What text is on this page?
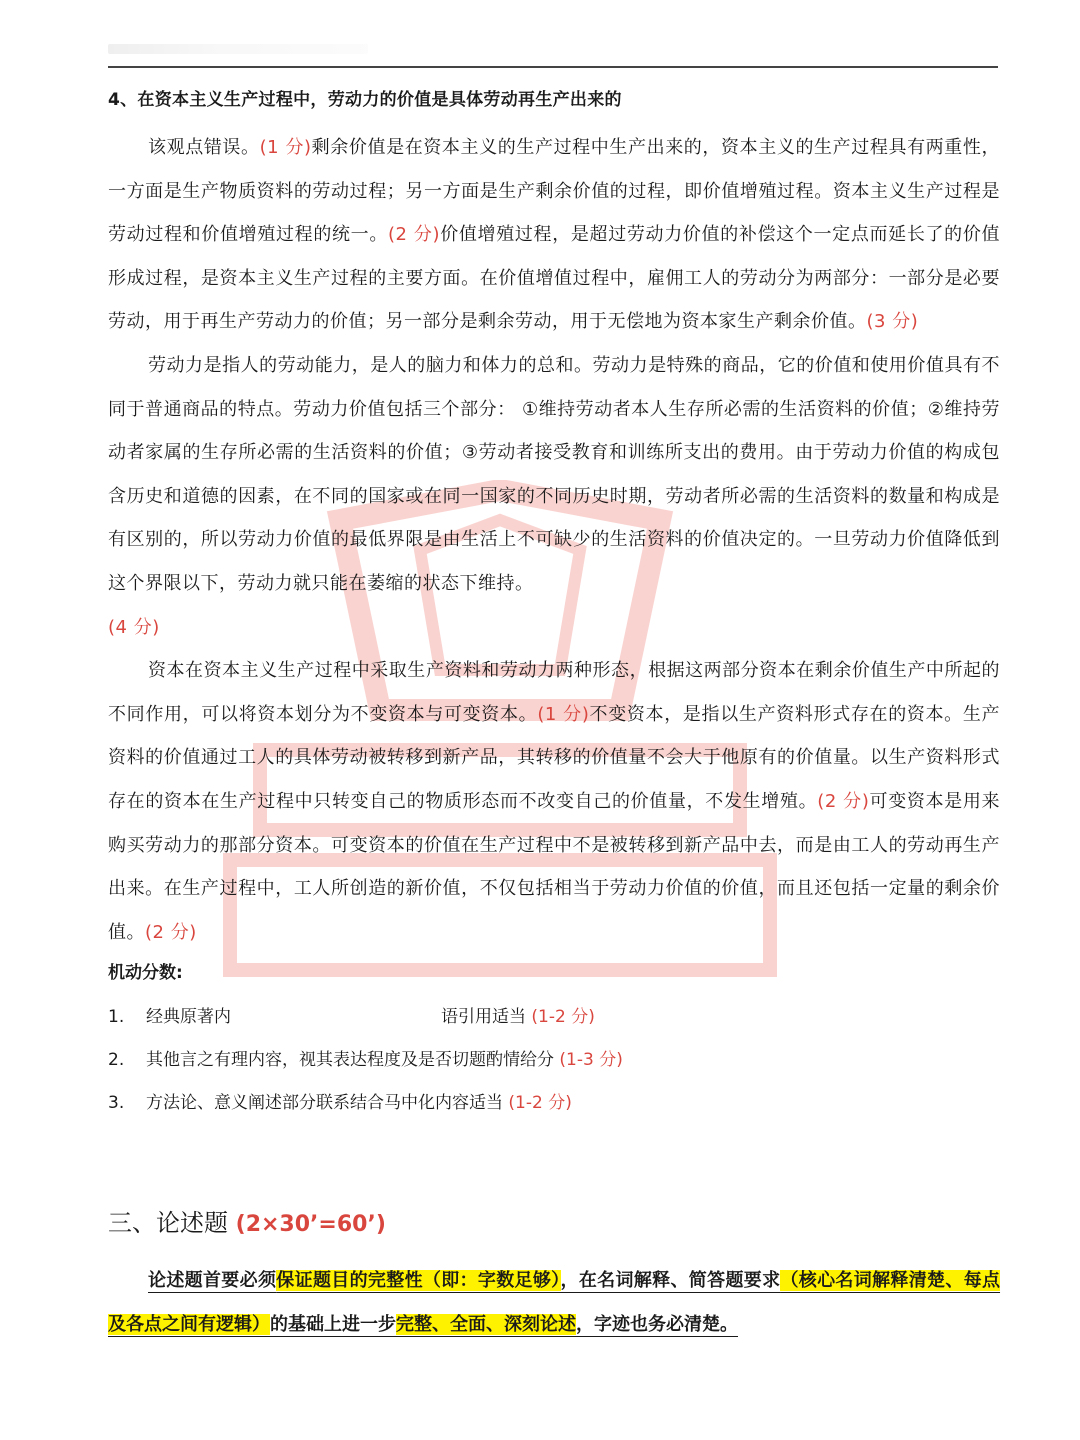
4、在资本主义生产过程中，劳动力的价值是具体劳动再生产出来的

该观点错误。(1 分)剩余价值是在资本主义的生产过程中生产出来的，资本主义的生产过程具有两重性，一方面是生产物质资料的劳动过程；另一方面是生产剩余价值的过程，即价值增殖过程。资本主义生产过程是劳动过程和价值增殖过程的统一。(2 分)价值增殖过程，是超过劳动力价值的补偿这个一定点而延长了的价值形成过程，是资本主义生产过程的主要方面。在价值增值过程中，雇佣工人的劳动分为两部分：一部分是必要劳动，用于再生产劳动力的价值；另一部分是剩余劳动，用于无偿地为资本家生产剩余价值。(3 分)

劳动力是指人的劳动能力，是人的脑力和体力的总和。劳动力是特殊的商品，它的价值和使用价值具有不同于普通商品的特点。劳动力价值包括三个部分： ①维持劳动者本人生存所必需的生活资料的价值；②维持劳动者家属的生存所必需的生活资料的价值；③劳动者接受教育和训练所支出的费用。由于劳动力价值的构成包含历史和道德的因素，在不同的国家或在同一国家的不同历史时期，劳动者所必需的生活资料的数量和构成是有区别的，所以劳动力价值的最低界限是由生活上不可缺少的生活资料的价值决定的。一旦劳动力价值降低到这个界限以下，劳动力就只能在萎缩的状态下维持。
(4 分)

资本在资本主义生产过程中采取生产资料和劳动力两种形态，根据这两部分资本在剩余价值生产中所起的不同作用，可以将资本划分为不变资本与可变资本。(1 分)不变资本，是指以生产资料形式存在的资本。生产资料的价值通过工人的具体劳动被转移到新产品，其转移的价值量不会大于他原有的价值量。以生产资料形式存在的资本在生产过程中只转变自己的物质形态而不改变自己的价值量，不发生增殖。(2 分)可变资本是用来购买劳动力的那部分资本。可变资本的价值在生产过程中不是被转移到新产品中去，而是由工人的劳动再生产出来。在生产过程中，工人所创造的新价值，不仅包括相当于劳动力价值的价值，而且还包括一定量的剩余价值。(2 分)

机动分数:
1.	经典原著内	语引用适当 (1-2 分)
2.	其他言之有理内容，视其表达程度及是否切题酌情给分 (1-3 分)
3.	方法论、意义阐述部分联系结合马中化内容适当 (1-2 分)
三、论述题 (2×30’=60’)

论述题首要必须保证题目的完整性（即：字数足够），在名词解释、简答题要求（核心名词解释清楚、每点及各点之间有逻辑）的基础上进一步完整、全面、深刻论述，字迹也务必清楚。
